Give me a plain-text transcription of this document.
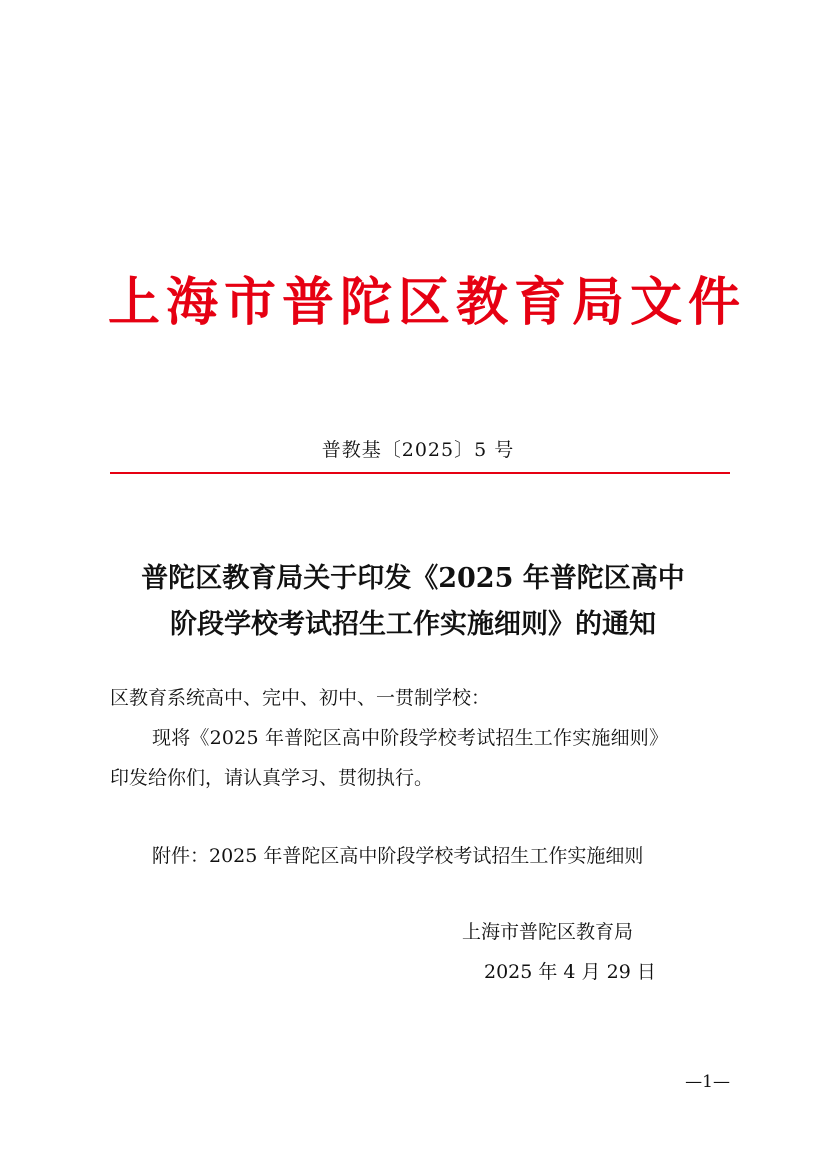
上海市普陀区教育局文件
普教基〔2025〕5 号
普陀区教育局关于印发《2025 年普陀区高中
阶段学校考试招生工作实施细则》的通知
区教育系统高中、完中、初中、一贯制学校：
现将《2025 年普陀区高中阶段学校考试招生工作实施细则》
印发给你们，请认真学习、贯彻执行。
附件：2025 年普陀区高中阶段学校考试招生工作实施细则
上海市普陀区教育局
2025 年 4 月 29 日
—1—
